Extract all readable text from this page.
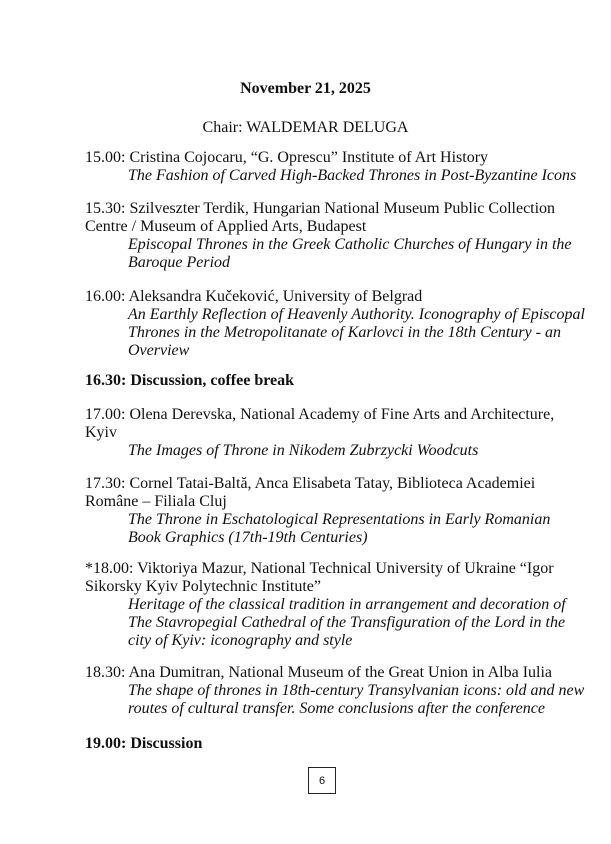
November 21, 2025
Chair: WALDEMAR DELUGA
15.00: Cristina Cojocaru, “G. Oprescu” Institute of Art History
The Fashion of Carved High-Backed Thrones in Post-Byzantine Icons
15.30: Szilveszter Terdik, Hungarian National Museum Public Collection Centre / Museum of Applied Arts, Budapest
Episcopal Thrones in the Greek Catholic Churches of Hungary in the Baroque Period
16.00: Aleksandra Kučeković, University of Belgrad
An Earthly Reflection of Heavenly Authority. Iconography of Episcopal Thrones in the Metropolitanate of Karlovci in the 18th Century - an Overview
16.30: Discussion, coffee break
17.00: Olena Derevska, National Academy of Fine Arts and Architecture, Kyiv
The Images of Throne in Nikodem Zubrzycki Woodcuts
17.30: Cornel Tatai-Baltă, Anca Elisabeta Tatay, Biblioteca Academiei Române – Filiala Cluj
The Throne in Eschatological Representations in Early Romanian Book Graphics (17th-19th Centuries)
*18.00: Viktoriya Mazur, National Technical University of Ukraine “Igor Sikorsky Kyiv Polytechnic Institute”
Heritage of the classical tradition in arrangement and decoration of The Stavropegial Cathedral of the Transfiguration of the Lord in the city of Kyiv: iconography and style
18.30: Ana Dumitran, National Museum of the Great Union in Alba Iulia
The shape of thrones in 18th-century Transylvanian icons: old and new routes of cultural transfer. Some conclusions after the conference
19.00: Discussion
6
